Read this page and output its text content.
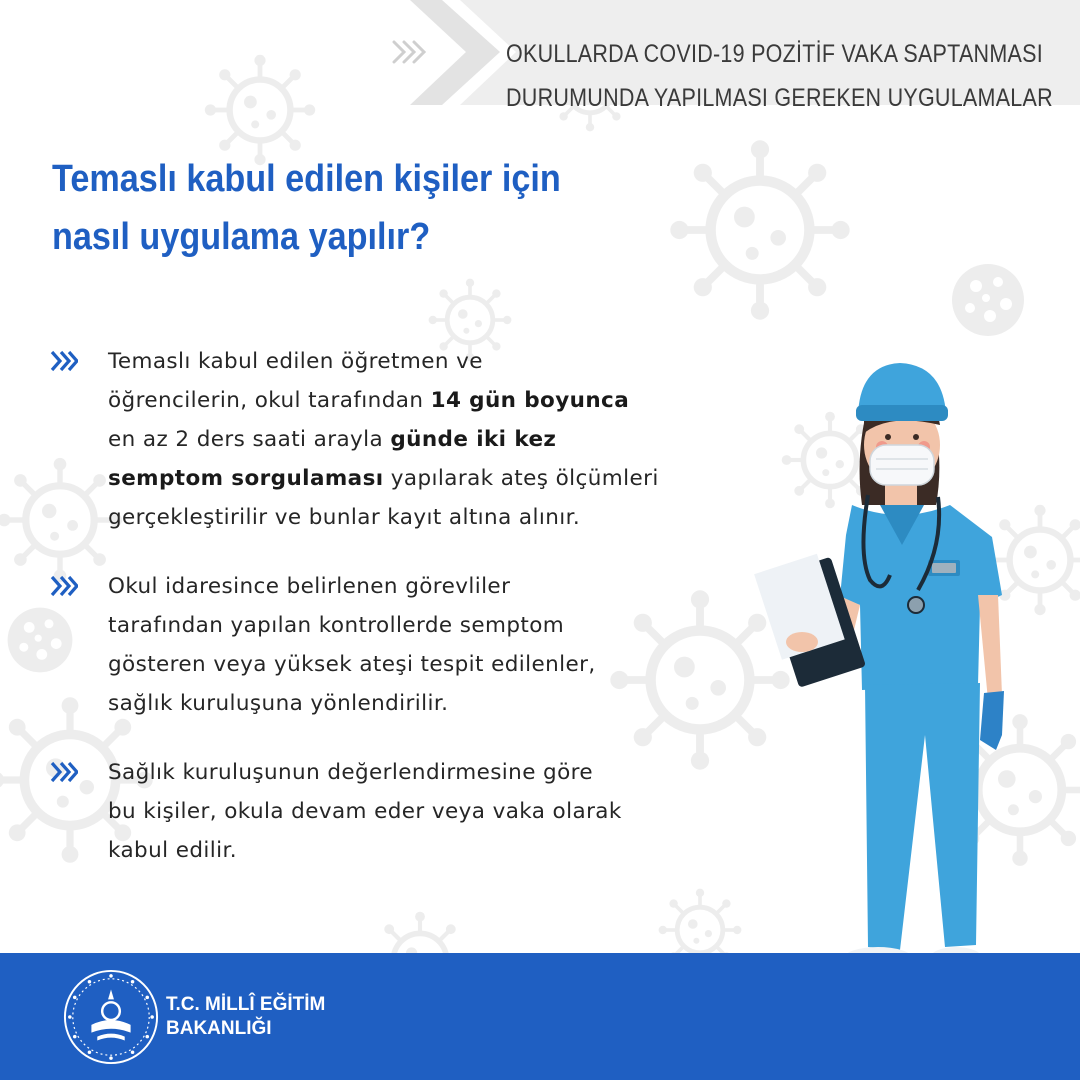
OKULLARDA COVID-19 POZİTİF VAKA SAPTANMASI
DURUMUNDA YAPILMASI GEREKEN UYGULAMALAR
Temaslı kabul edilen kişiler için
nasıl uygulama yapılır?
Temaslı kabul edilen öğretmen ve
öğrencilerin, okul tarafından 14 gün boyunca
en az 2 ders saati arayla günde iki kez
semptom sorgulaması yapılarak ateş ölçümleri
gerçekleştirilir ve bunlar kayıt altına alınır.
Okul idaresince belirlenen görevliler
tarafından yapılan kontrollerde semptom
gösteren veya yüksek ateşi tespit edilenler,
sağlık kuruluşuna yönlendirilir.
Sağlık kuruluşunun değerlendirmesine göre
bu kişiler, okula devam eder veya vaka olarak
kabul edilir.
T.C. MİLLÎ EĞİTİM
BAKANLIĞI
